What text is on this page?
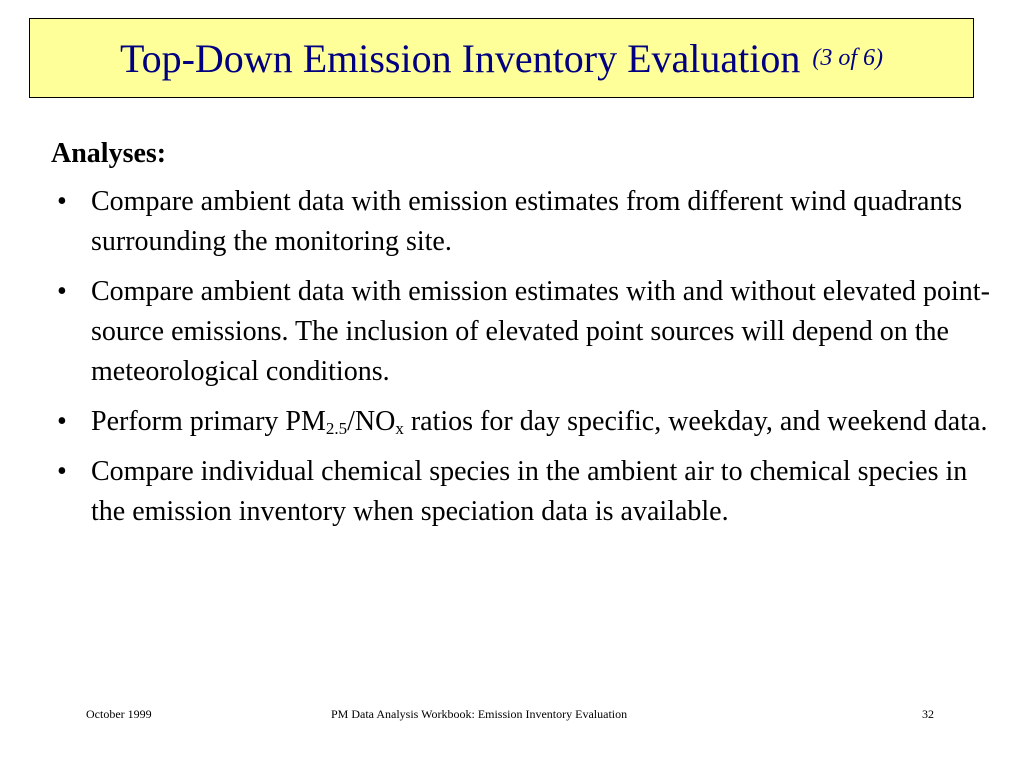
Top-Down Emission Inventory Evaluation (3 of 6)
Analyses:
• Compare ambient data with emission estimates from different wind quadrants surrounding the monitoring site.
• Compare ambient data with emission estimates with and without elevated point-source emissions. The inclusion of elevated point sources will depend on the meteorological conditions.
• Perform primary $PM_{2.5}/NO_x$ ratios for day specific, weekday, and weekend data.
• Compare individual chemical species in the ambient air to chemical species in the emission inventory when speciation data is available.
October 1999	PM Data Analysis Workbook: Emission Inventory Evaluation	32
